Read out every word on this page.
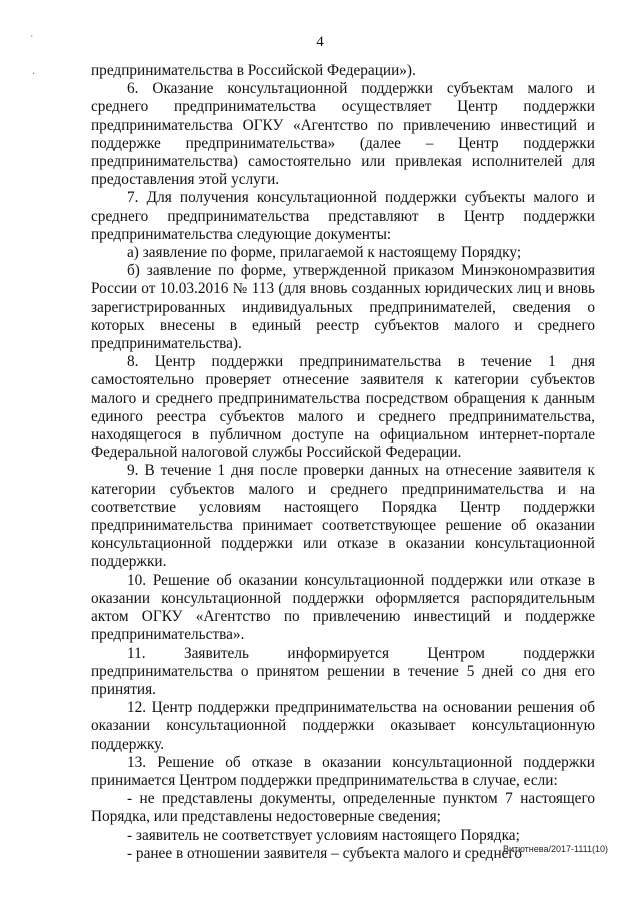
4
`
·	предпринимательства в Российской Федерации»).

6. Оказание консультационной поддержки субъектам малого и среднего предпринимательства осуществляет Центр поддержки предпринимательства ОГКУ «Агентство по привлечению инвестиций и поддержке предпринимательства» (далее – Центр поддержки предпринимательства) самостоятельно или привлекая исполнителей для предоставления этой услуги.

7. Для получения консультационной поддержки субъекты малого и среднего предпринимательства представляют в Центр поддержки предпринимательства следующие документы:

а) заявление по форме, прилагаемой к настоящему Порядку;

б) заявление по форме, утвержденной приказом Минэкономразвития России от 10.03.2016 № 113 (для вновь созданных юридических лиц и вновь зарегистрированных индивидуальных предпринимателей, сведения о которых внесены в единый реестр субъектов малого и среднего предпринимательства).

8. Центр поддержки предпринимательства в течение 1 дня самостоятельно проверяет отнесение заявителя к категории субъектов малого и среднего предпринимательства посредством обращения к данным единого реестра субъектов малого и среднего предпринимательства, находящегося в публичном доступе на официальном интернет-портале Федеральной налоговой службы Российской Федерации.

9. В течение 1 дня после проверки данных на отнесение заявителя к категории субъектов малого и среднего предпринимательства и на соответствие условиям настоящего Порядка Центр поддержки предпринимательства принимает соответствующее решение об оказании консультационной поддержки или отказе в оказании консультационной поддержки.

10. Решение об оказании консультационной поддержки или отказе в оказании консультационной поддержки оформляется распорядительным актом ОГКУ «Агентство по привлечению инвестиций и поддержке предпринимательства».

11. Заявитель информируется Центром поддержки предпринимательства о принятом решении в течение 5 дней со дня его принятия.

12. Центр поддержки предпринимательства на основании решения об оказании консультационной поддержки оказывает консультационную поддержку.

13. Решение об отказе в оказании консультационной поддержки принимается Центром поддержки предпринимательства в случае, если:

- не представлены документы, определенные пунктом 7 настоящего Порядка, или представлены недостоверные сведения;

- заявитель не соответствует условиям настоящего Порядка;

- ранее в отношении заявителя – субъекта малого и среднего

Витютнева/2017-1111(10)
